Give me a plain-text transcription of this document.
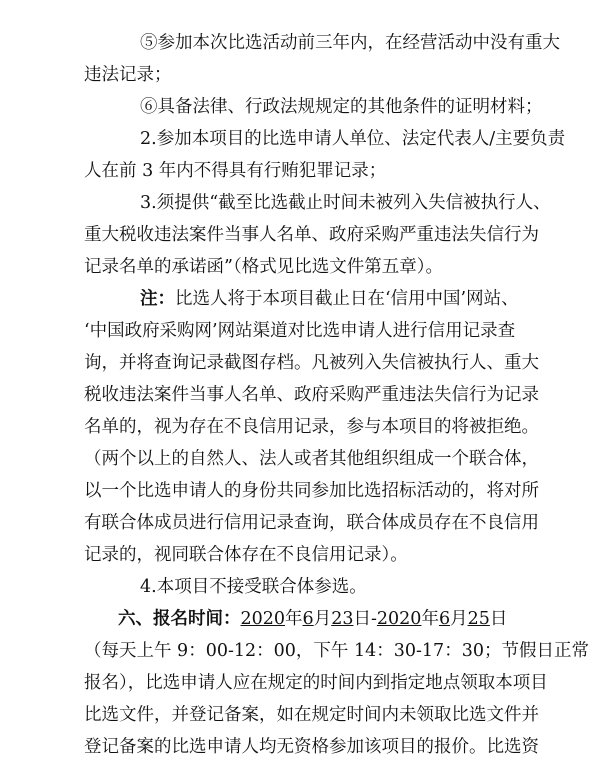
⑤参加本次比选活动前三年内，在经营活动中没有重大
违法记录；
⑥具备法律、行政法规规定的其他条件的证明材料；
2.参加本项目的比选申请人单位、法定代表人/主要负责
人在前 3 年内不得具有行贿犯罪记录；
3.须提供“截至比选截止时间未被列入失信被执行人、
重大税收违法案件当事人名单、政府采购严重违法失信行为
记录名单的承诺函”（格式见比选文件第五章）。
注：比选人将于本项目截止日在‘信用中国’网站、
‘中国政府采购网’网站渠道对比选申请人进行信用记录查
询，并将查询记录截图存档。凡被列入失信被执行人、重大
税收违法案件当事人名单、政府采购严重违法失信行为记录
名单的，视为存在不良信用记录，参与本项目的将被拒绝。
（两个以上的自然人、法人或者其他组织组成一个联合体，
以一个比选申请人的身份共同参加比选招标活动的，将对所
有联合体成员进行信用记录查询，联合体成员存在不良信用
记录的，视同联合体存在不良信用记录）。
4.本项目不接受联合体参选。
六、报名时间：2020年6月23日-2020年6月25日
（每天上午 9：00-12：00，下午 14：30-17：30；节假日正常
报名），比选申请人应在规定的时间内到指定地点领取本项目
比选文件，并登记备案，如在规定时间内未领取比选文件并
登记备案的比选申请人均无资格参加该项目的报价。比选资
